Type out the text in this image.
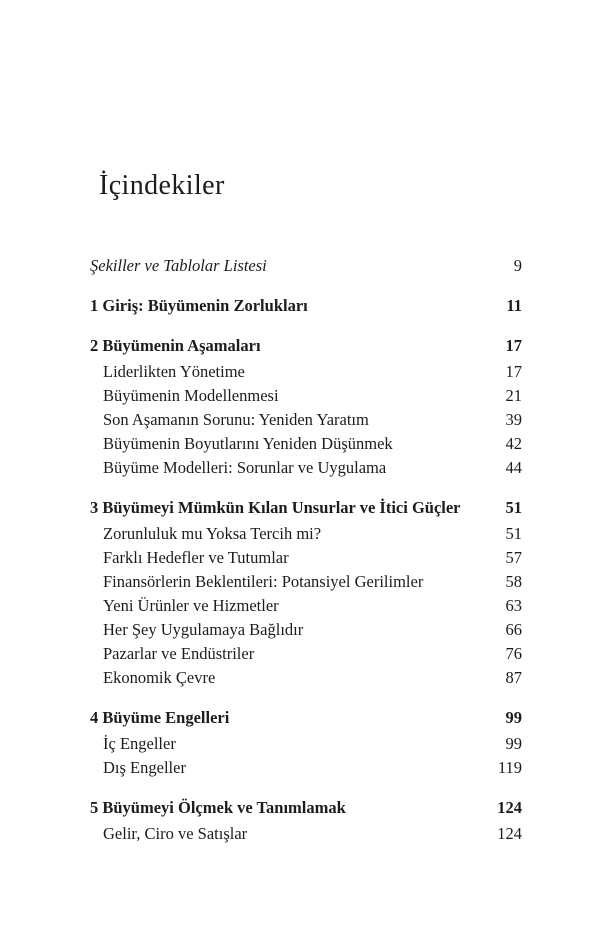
İçindekiler
Şekiller ve Tablolar Listesi	9
1 Giriş: Büyümenin Zorlukları	11
2 Büyümenin Aşamaları	17
Liderlikten Yönetime	17
Büyümenin Modellenmesi	21
Son Aşamanın Sorunu: Yeniden Yaratım	39
Büyümenin Boyutlarını Yeniden Düşünmek	42
Büyüme Modelleri: Sorunlar ve Uygulama	44
3 Büyümeyi Mümkün Kılan Unsurlar ve İtici Güçler	51
Zorunluluk mu Yoksa Tercih mi?	51
Farklı Hedefler ve Tutumlar	57
Finansörlerin Beklentileri: Potansiyel Gerilimler	58
Yeni Ürünler ve Hizmetler	63
Her Şey Uygulamaya Bağlıdır	66
Pazarlar ve Endüstriler	76
Ekonomik Çevre	87
4 Büyüme Engelleri	99
İç Engeller	99
Dış Engeller	119
5 Büyümeyi Ölçmek ve Tanımlamak	124
Gelir, Ciro ve Satışlar	124
